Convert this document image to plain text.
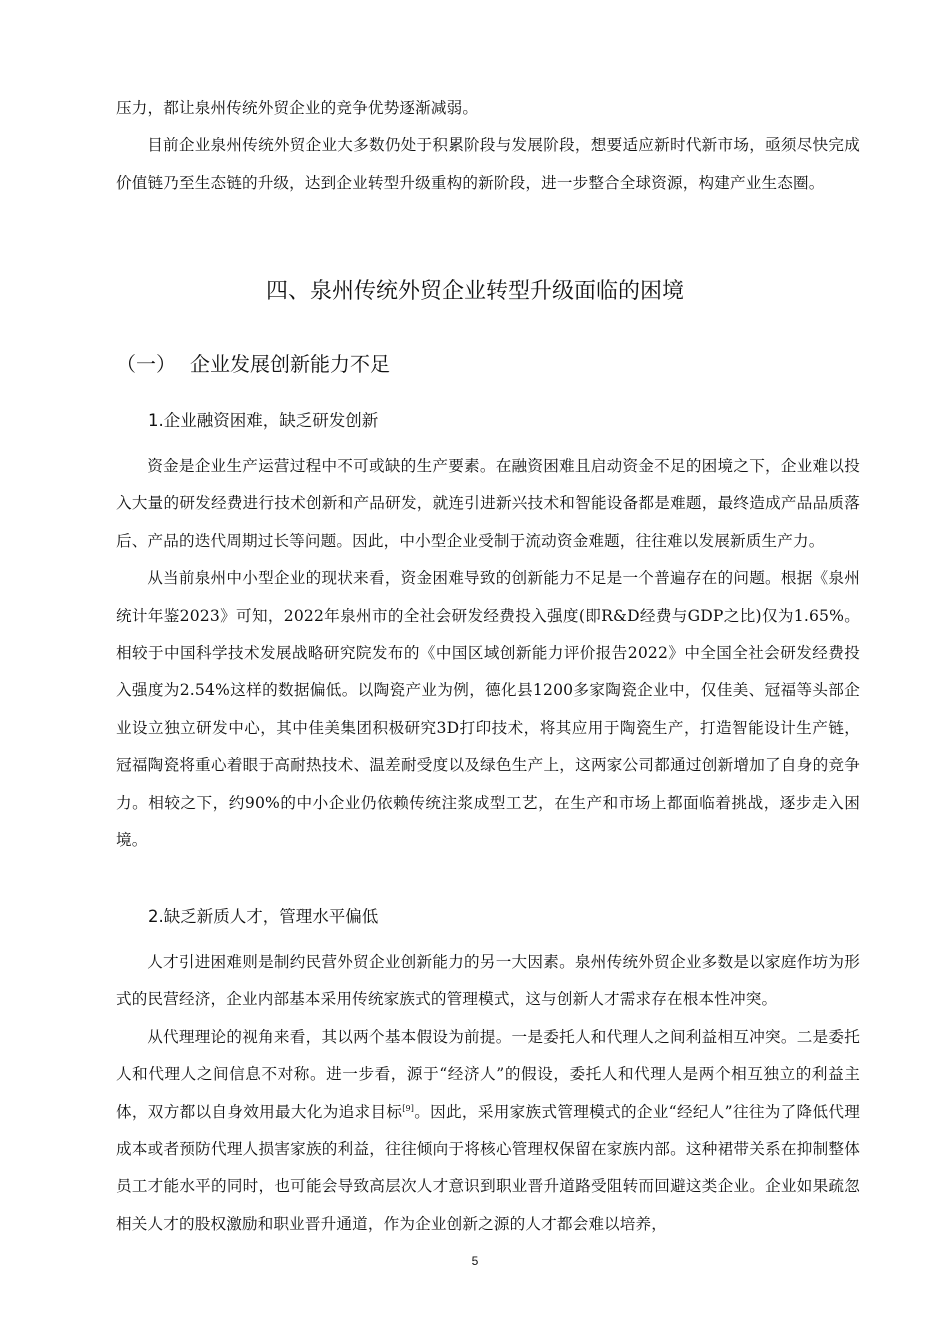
压力，都让泉州传统外贸企业的竞争优势逐渐减弱。

目前企业泉州传统外贸企业大多数仍处于积累阶段与发展阶段，想要适应新时代新市场，亟须尽快完成价值链乃至生态链的升级，达到企业转型升级重构的新阶段，进一步整合全球资源，构建产业生态圈。

四、泉州传统外贸企业转型升级面临的困境
（一） 企业发展创新能力不足
1.企业融资困难，缺乏研发创新

资金是企业生产运营过程中不可或缺的生产要素。在融资困难且启动资金不足的困境之下，企业难以投入大量的研发经费进行技术创新和产品研发，就连引进新兴技术和智能设备都是难题，最终造成产品品质落后、产品的迭代周期过长等问题。因此，中小型企业受制于流动资金难题，往往难以发展新质生产力。

从当前泉州中小型企业的现状来看，资金困难导致的创新能力不足是一个普遍存在的问题。根据《泉州统计年鉴2023》可知，2022年泉州市的全社会研发经费投入强度(即R&D经费与GDP之比)仅为1.65%。相较于中国科学技术发展战略研究院发布的《中国区域创新能力评价报告2022》中全国全社会研发经费投入强度为2.54%这样的数据偏低。以陶瓷产业为例，德化县1200多家陶瓷企业中，仅佳美、冠福等头部企业设立独立研发中心，其中佳美集团积极研究3D打印技术，将其应用于陶瓷生产，打造智能设计生产链，冠福陶瓷将重心着眼于高耐热技术、温差耐受度以及绿色生产上，这两家公司都通过创新增加了自身的竞争力。相较之下，约90%的中小企业仍依赖传统注浆成型工艺，在生产和市场上都面临着挑战，逐步走入困境。

2.缺乏新质人才，管理水平偏低

人才引进困难则是制约民营外贸企业创新能力的另一大因素。泉州传统外贸企业多数是以家庭作坊为形式的民营经济，企业内部基本采用传统家族式的管理模式，这与创新人才需求存在根本性冲突。

从代理理论的视角来看，其以两个基本假设为前提。一是委托人和代理人之间利益相互冲突。二是委托人和代理人之间信息不对称。进一步看，源于“经济人”的假设，委托人和代理人是两个相互独立的利益主体，双方都以自身效用最大化为追求目标[9]。因此，采用家族式管理模式的企业“经纪人”往往为了降低代理成本或者预防代理人损害家族的利益，往往倾向于将核心管理权保留在家族内部。这种裙带关系在抑制整体员工才能水平的同时，也可能会导致高层次人才意识到职业晋升道路受阻转而回避这类企业。企业如果疏忽相关人才的股权激励和职业晋升通道，作为企业创新之源的人才都会难以培养，

5
